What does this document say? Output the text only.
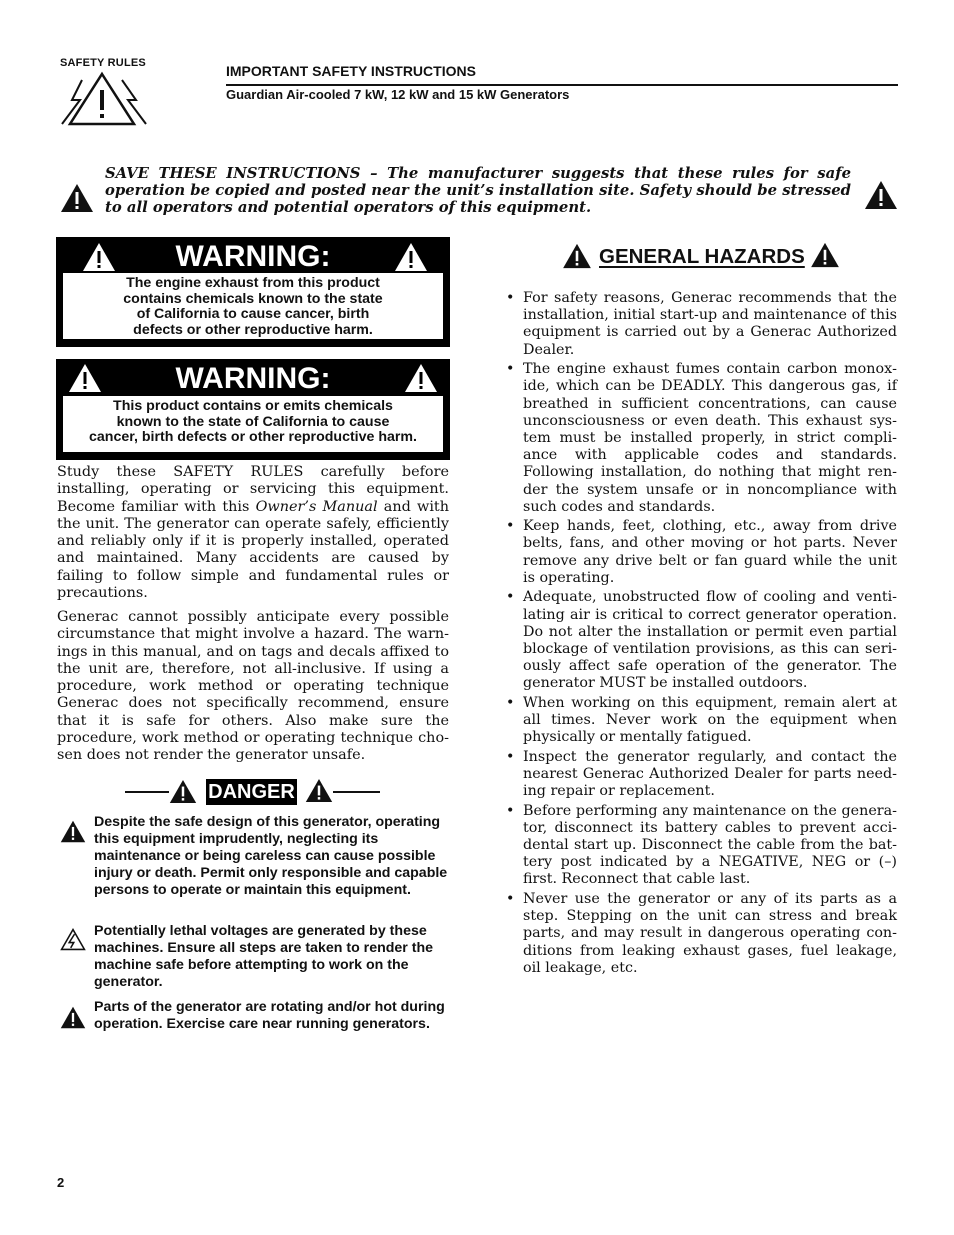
SAFETY RULES	IMPORTANT SAFETY INSTRUCTIONS
Guardian Air-cooled 7 kW, 12 kW and 15 kW Generators
SAVE THESE INSTRUCTIONS – The manufacturer suggests that these rules for safe operation be copied and posted near the unit’s installation site. Safety should be stressed to all operators and potential operators of this equipment.
WARNING:
The engine exhaust from this product
contains chemicals known to the state
of California to cause cancer, birth
defects or other reproductive harm.
WARNING:
This product contains or emits chemicals
known to the state of California to cause
cancer, birth defects or other reproductive harm.

Study these SAFETY RULES carefully before installing, operating or servicing this equipment. Become familiar with this Owner’s Manual and with the unit. The generator can operate safely, efficiently and reliably only if it is properly installed, operated and maintained. Many accidents are caused by failing to follow simple and fundamental rules or precautions.

Generac cannot possibly anticipate every possible circumstance that might involve a hazard. The warnings in this manual, and on tags and decals affixed to the unit are, therefore, not all-inclusive. If using a procedure, work method or operating technique Generac does not specifically recommend, ensure that it is safe for others. Also make sure the procedure, work method or operating technique chosen does not render the generator unsafe.

DANGER
Despite the safe design of this generator, operating this equipment imprudently, neglecting its maintenance or being careless can cause possible injury or death. Permit only responsible and capable persons to operate or maintain this equipment.
Potentially lethal voltages are generated by these machines. Ensure all steps are taken to render the machine safe before attempting to work on the generator.
Parts of the generator are rotating and/or hot during operation. Exercise care near running generators.
GENERAL HAZARDS
• For safety reasons, Generac recommends that the installation, initial start-up and maintenance of this equipment is carried out by a Generac Authorized Dealer.
• The engine exhaust fumes contain carbon monoxide, which can be DEADLY. This dangerous gas, if breathed in sufficient concentrations, can cause unconsciousness or even death. This exhaust system must be installed properly, in strict compliance with applicable codes and standards. Following installation, do nothing that might render the system unsafe or in noncompliance with such codes and standards.
• Keep hands, feet, clothing, etc., away from drive belts, fans, and other moving or hot parts. Never remove any drive belt or fan guard while the unit is operating.
• Adequate, unobstructed flow of cooling and ventilating air is critical to correct generator operation. Do not alter the installation or permit even partial blockage of ventilation provisions, as this can seriously affect safe operation of the generator. The generator MUST be installed outdoors.
• When working on this equipment, remain alert at all times. Never work on the equipment when physically or mentally fatigued.
• Inspect the generator regularly, and contact the nearest Generac Authorized Dealer for parts needing repair or replacement.
• Before performing any maintenance on the generator, disconnect its battery cables to prevent accidental start up. Disconnect the cable from the battery post indicated by a NEGATIVE, NEG or (–) first. Reconnect that cable last.
• Never use the generator or any of its parts as a step. Stepping on the unit can stress and break parts, and may result in dangerous operating conditions from leaking exhaust gases, fuel leakage, oil leakage, etc.
2
